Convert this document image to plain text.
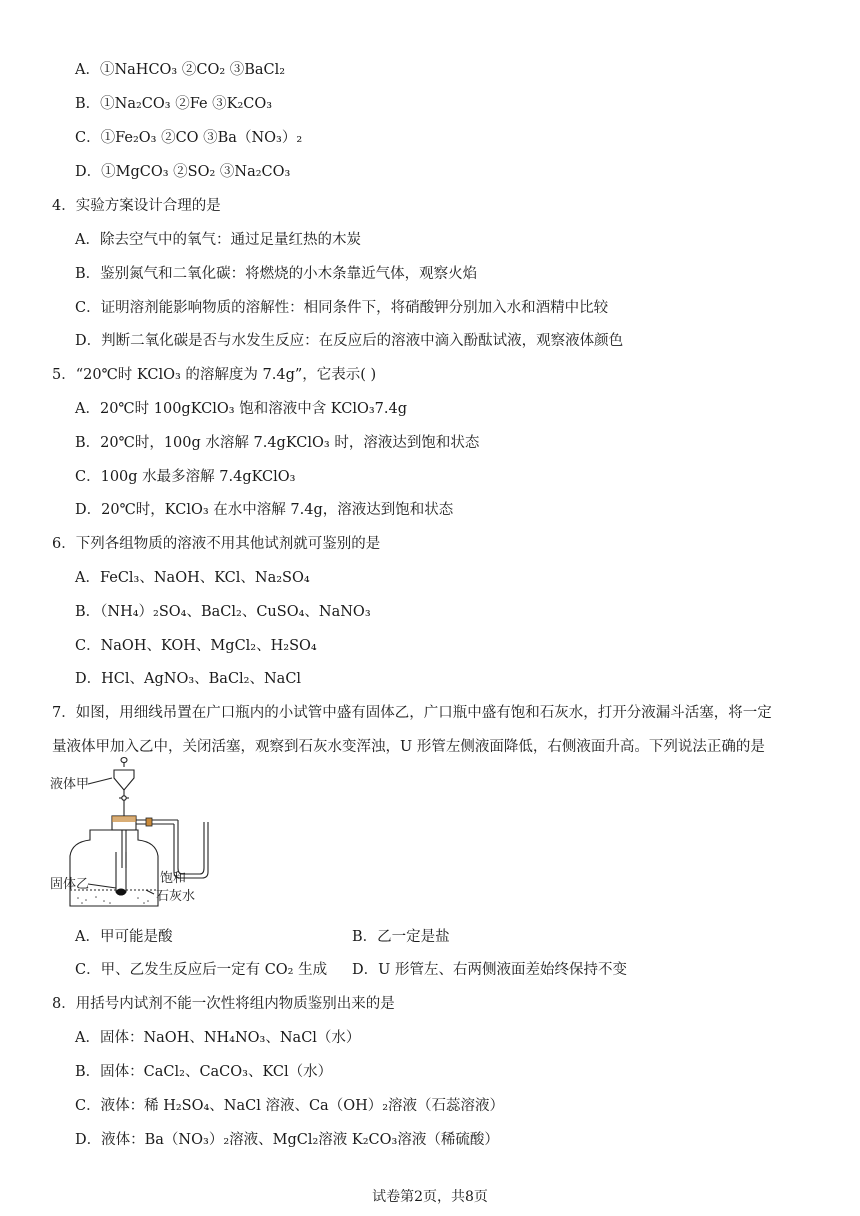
A．①NaHCO₃ ②CO₂ ③BaCl₂
B．①Na₂CO₃ ②Fe ③K₂CO₃
C．①Fe₂O₃ ②CO ③Ba（NO₃）₂
D．①MgCO₃ ②SO₂ ③Na₂CO₃
4．实验方案设计合理的是
A．除去空气中的氧气：通过足量红热的木炭
B．鉴别氮气和二氧化碳：将燃烧的小木条靠近气体，观察火焰
C．证明溶剂能影响物质的溶解性：相同条件下，将硝酸钾分别加入水和酒精中比较
D．判断二氧化碳是否与水发生反应：在反应后的溶液中滴入酚酞试液，观察液体颜色
5．“20℃时 KClO₃ 的溶解度为 7.4g”，它表示( )
A．20℃时 100gKClO₃ 饱和溶液中含 KClO₃7.4g
B．20℃时，100g 水溶解 7.4gKClO₃ 时，溶液达到饱和状态
C．100g 水最多溶解 7.4gKClO₃
D．20℃时，KClO₃ 在水中溶解 7.4g，溶液达到饱和状态
6．下列各组物质的溶液不用其他试剂就可鉴别的是
A．FeCl₃、NaOH、KCl、Na₂SO₄
B．（NH₄）₂SO₄、BaCl₂、CuSO₄、NaNO₃
C．NaOH、KOH、MgCl₂、H₂SO₄
D．HCl、AgNO₃、BaCl₂、NaCl
7．如图，用细线吊置在广口瓶内的小试管中盛有固体乙，广口瓶中盛有饱和石灰水，打开分液漏斗活塞，将一定
量液体甲加入乙中，关闭活塞，观察到石灰水变浑浊，U 形管左侧液面降低，右侧液面升高。下列说法正确的是
液体甲
固体乙	饱和
石灰水
A．甲可能是酸	B．乙一定是盐
C．甲、乙发生反应后一定有 CO₂ 生成 D．U 形管左、右两侧液面差始终保持不变
8．用括号内试剂不能一次性将组内物质鉴别出来的是
A．固体：NaOH、NH₄NO₃、NaCl（水）
B．固体：CaCl₂、CaCO₃、KCl（水）
C．液体：稀 H₂SO₄、NaCl 溶液、Ca（OH）₂溶液（石蕊溶液）
D．液体：Ba（NO₃）₂溶液、MgCl₂溶液 K₂CO₃溶液（稀硫酸）
试卷第2页，共8页
